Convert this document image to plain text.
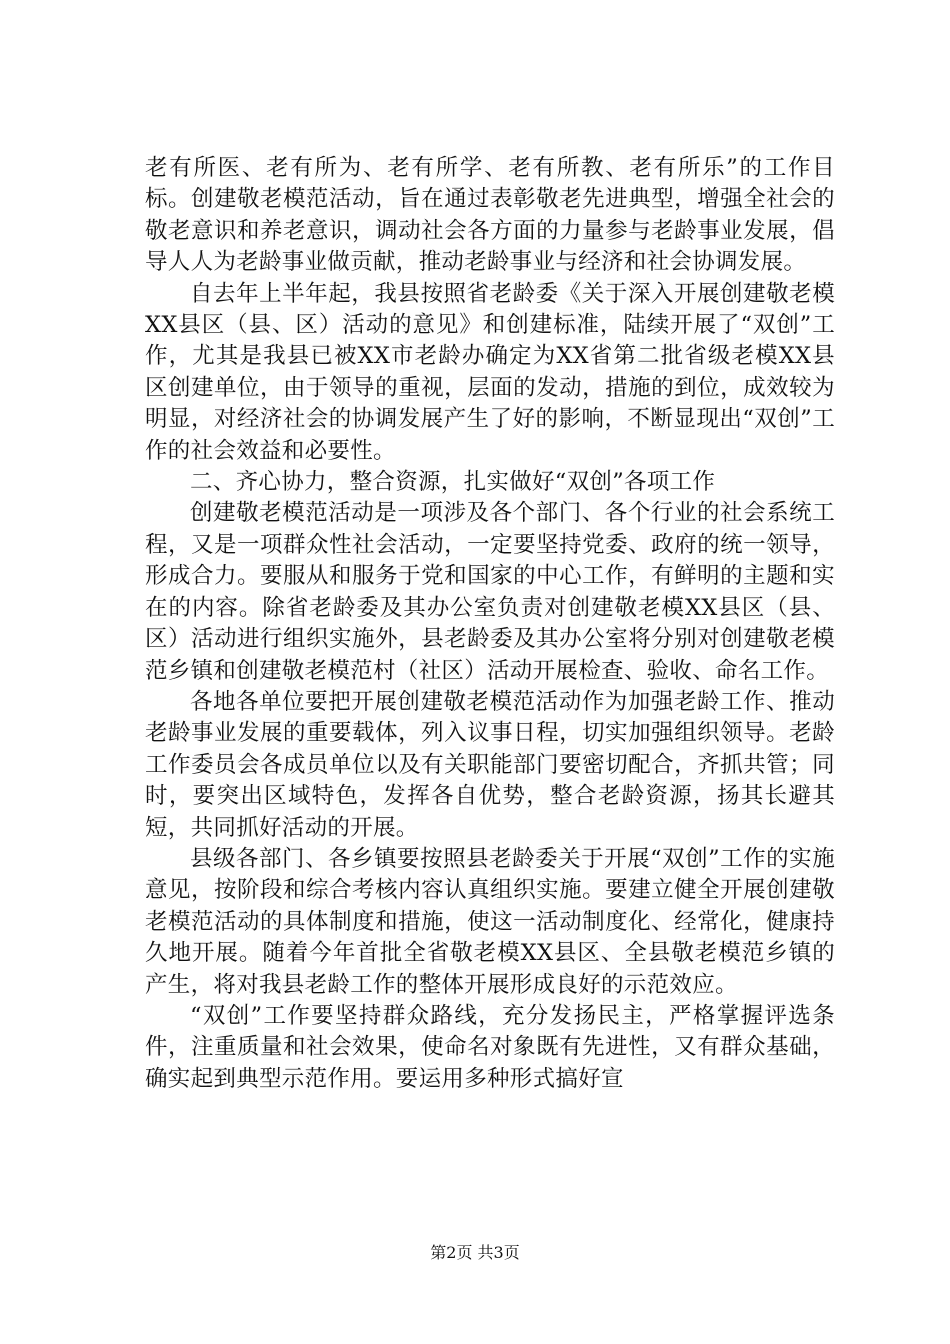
老有所医、老有所为、老有所学、老有所教、老有所乐”的工作目标。创建敬老模范活动，旨在通过表彰敬老先进典型，增强全社会的敬老意识和养老意识，调动社会各方面的力量参与老龄事业发展，倡导人人为老龄事业做贡献，推动老龄事业与经济和社会协调发展。

自去年上半年起，我县按照省老龄委《关于深入开展创建敬老模XX县区（县、区）活动的意见》和创建标准，陆续开展了“双创”工作，尤其是我县已被XX市老龄办确定为XX省第二批省级老模XX县区创建单位，由于领导的重视，层面的发动，措施的到位，成效较为明显，对经济社会的协调发展产生了好的影响，不断显现出“双创”工作的社会效益和必要性。

二、齐心协力，整合资源，扎实做好“双创”各项工作

创建敬老模范活动是一项涉及各个部门、各个行业的社会系统工程，又是一项群众性社会活动，一定要坚持党委、政府的统一领导，形成合力。要服从和服务于党和国家的中心工作，有鲜明的主题和实在的内容。除省老龄委及其办公室负责对创建敬老模XX县区（县、区）活动进行组织实施外，县老龄委及其办公室将分别对创建敬老模范乡镇和创建敬老模范村（社区）活动开展检查、验收、命名工作。

各地各单位要把开展创建敬老模范活动作为加强老龄工作、推动老龄事业发展的重要载体，列入议事日程，切实加强组织领导。老龄工作委员会各成员单位以及有关职能部门要密切配合，齐抓共管；同时，要突出区域特色，发挥各自优势，整合老龄资源，扬其长避其短，共同抓好活动的开展。

县级各部门、各乡镇要按照县老龄委关于开展“双创”工作的实施意见，按阶段和综合考核内容认真组织实施。要建立健全开展创建敬老模范活动的具体制度和措施，使这一活动制度化、经常化，健康持久地开展。随着今年首批全省敬老模XX县区、全县敬老模范乡镇的产生，将对我县老龄工作的整体开展形成良好的示范效应。

“双创”工作要坚持群众路线，充分发扬民主，严格掌握评选条件，注重质量和社会效果，使命名对象既有先进性，又有群众基础，确实起到典型示范作用。要运用多种形式搞好宣

第2页 共3页
